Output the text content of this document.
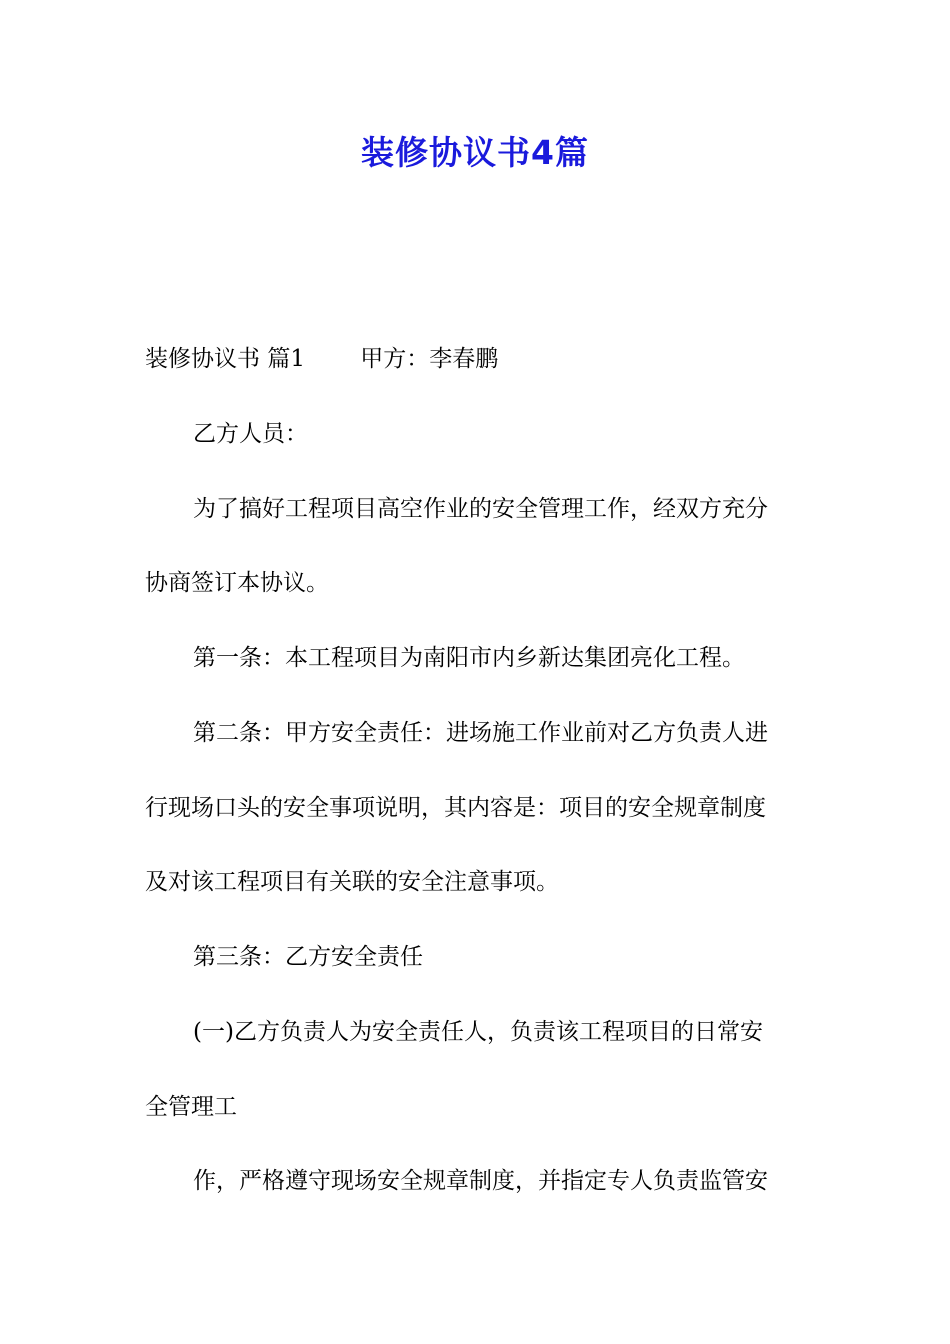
装修协议书4篇
装修协议书 篇1 甲方：李春鹏
乙方人员：
为了搞好工程项目高空作业的安全管理工作，经双方充分
协商签订本协议。
第一条：本工程项目为南阳市内乡新达集团亮化工程。
第二条：甲方安全责任：进场施工作业前对乙方负责人进
行现场口头的安全事项说明，其内容是：项目的安全规章制度
及对该工程项目有关联的安全注意事项。
第三条：乙方安全责任
(一)乙方负责人为安全责任人，负责该工程项目的日常安
全管理工
作，严格遵守现场安全规章制度，并指定专人负责监管安
